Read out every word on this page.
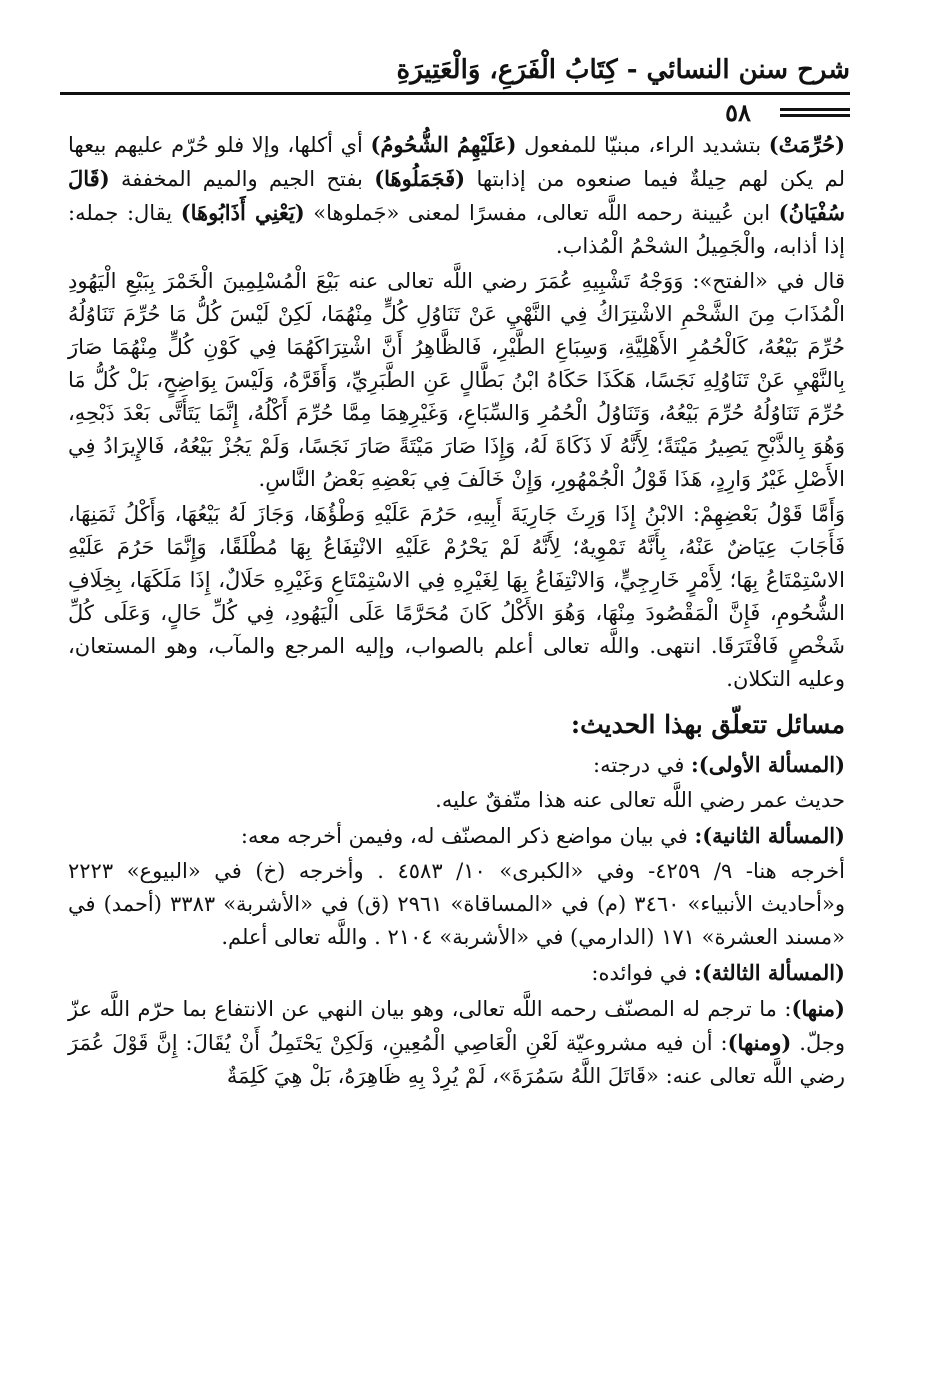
شرح سنن النسائي - كِتَابُ الْفَرَعِ، وَالْعَتِيرَةِ
٥٨

(حُرِّمَتْ) بتشديد الراء، مبنيّا للمفعول (عَلَيْهِمُ الشُّحُومُ) أي أكلها، وإلا فلو حُرّم عليهم بيعها لم يكن لهم حِيلةٌ فيما صنعوه من إذابتها (فَجَمَلُوهَا) بفتح الجيم والميم المخففة (قَالَ سُفْيَانُ) ابن عُيينة رحمه اللَّه تعالى، مفسرًا لمعنى «جَملوها» (يَعْنِي أَذَابُوهَا) يقال: جمله: إذا أذابه، والْجَمِيلُ الشحْمُ الْمُذاب.

قال في «الفتح»: وَوَجْهُ تَشْبِيهِ عُمَرَ رضي اللَّه تعالى عنه بَيْعَ الْمُسْلِمِينَ الْخَمْرَ بِبَيْعِ الْيَهُودِ الْمُذَابَ مِنَ الشَّحْمِ الاشْتِرَاكُ فِي النَّهْيِ عَنْ تَنَاوُلِ كُلٍّ مِنْهُمَا، لَكِنْ لَيْسَ كُلُّ مَا حُرِّمَ تَنَاوُلُهُ حُرِّمَ بَيْعُهُ، كَالْحُمُرِ الأَهْلِيَّةِ، وَسِبَاعِ الطَّيْرِ، فَالظَّاهِرُ أَنَّ اشْتِرَاكَهُمَا فِي كَوْنِ كُلٍّ مِنْهُمَا صَارَ بِالنَّهْيِ عَنْ تَنَاوُلِهِ نَجَسًا، هَكَذَا حَكَاهُ ابْنُ بَطَّالٍ عَنِ الطَّبَرِيِّ، وَأَقَرَّهُ، وَلَيْسَ بِوَاضِحٍ، بَلْ كُلُّ مَا حُرِّمَ تَنَاوُلُهُ حُرِّمَ بَيْعُهُ، وَتَنَاوُلُ الْحُمُرِ وَالسِّبَاعِ، وَغَيْرِهِمَا مِمَّا حُرِّمَ أَكْلُهُ، إِنَّمَا يَتَأَتَّى بَعْدَ ذَبْحِهِ، وَهُوَ بِالذَّبْحِ يَصِيرُ مَيْتَةً؛ لِأَنَّهُ لَا ذَكَاةَ لَهُ، وَإِذَا صَارَ مَيْتَةً صَارَ نَجَسًا، وَلَمْ يَجُزْ بَيْعُهُ، فَالإِيرَادُ فِي الأَصْلِ غَيْرُ وَارِدٍ، هَذَا قَوْلُ الْجُمْهُورِ، وَإِنْ خَالَفَ فِي بَعْضِهِ بَعْضُ النَّاسِ.

وَأَمَّا قَوْلُ بَعْضِهِمْ: الابْنُ إِذَا وَرِثَ جَارِيَةَ أَبِيهِ، حَرُمَ عَلَيْهِ وَطْؤُهَا، وَجَازَ لَهُ بَيْعُهَا، وَأَكْلُ ثَمَنِهَا، فَأَجَابَ عِيَاضٌ عَنْهُ، بِأَنَّهُ تَمْوِيهٌ؛ لِأَنَّهُ لَمْ يَحْرُمْ عَلَيْهِ الانْتِفَاعُ بِهَا مُطْلَقًا، وَإِنَّمَا حَرُمَ عَلَيْهِ الاسْتِمْتَاعُ بِهَا؛ لِأَمْرٍ خَارِجِيٍّ، وَالانْتِفَاعُ بِهَا لِغَيْرِهِ فِي الاسْتِمْتَاعِ وَغَيْرِهِ حَلَالٌ، إِذَا مَلَكَهَا، بِخِلَافِ الشُّحُومِ، فَإِنَّ الْمَقْصُودَ مِنْهَا، وَهُوَ الأَكْلُ كَانَ مُحَرَّمًا عَلَى الْيَهُودِ، فِي كُلِّ حَالٍ، وَعَلَى كُلِّ شَخْصٍ فَافْتَرَقَا. انتهى. واللَّه تعالى أعلم بالصواب، وإليه المرجع والمآب، وهو المستعان، وعليه التكلان.

مسائل تتعلّق بهذا الحديث:

(المسألة الأولى): في درجته:

حديث عمر رضي اللَّه تعالى عنه هذا متّفقٌ عليه.

(المسألة الثانية): في بيان مواضع ذكر المصنّف له، وفيمن أخرجه معه:

أخرجه هنا- ٩/ ٤٢٥٩- وفي «الكبرى» ١٠/ ٤٥٨٣ . وأخرجه (خ) في «البيوع» ٢٢٢٣ و«أحاديث الأنبياء» ٣٤٦٠ (م) في «المساقاة» ٢٩٦١ (ق) في «الأشربة» ٣٣٨٣ (أحمد) في «مسند العشرة» ١٧١ (الدارمي) في «الأشربة» ٢١٠٤ . واللَّه تعالى أعلم.

(المسألة الثالثة): في فوائده:

(منها): ما ترجم له المصنّف رحمه اللَّه تعالى، وهو بيان النهي عن الانتفاع بما حرّم اللَّه عزّ وجلّ. (ومنها): أن فيه مشروعيّة لَعْنِ الْعَاصِي الْمُعِينِ، وَلَكِنْ يَحْتَمِلُ أَنْ يُقَالَ: إِنَّ قَوْلَ عُمَرَ رضي اللَّه تعالى عنه: «قَاتَلَ اللَّهُ سَمُرَةَ»، لَمْ يُرِدْ بِهِ ظَاهِرَهُ، بَلْ هِيَ كَلِمَةٌ
